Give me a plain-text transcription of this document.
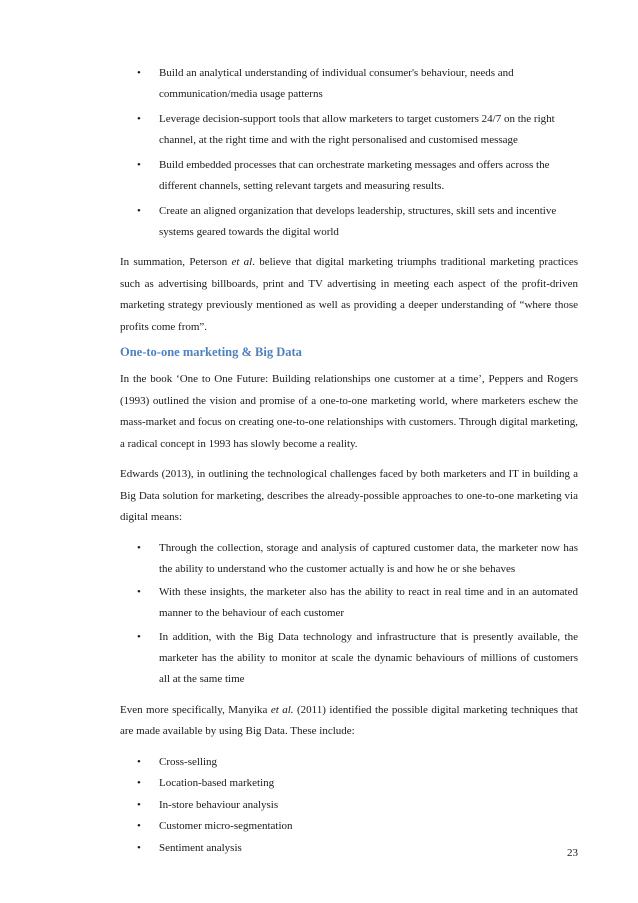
• Build an analytical understanding of individual consumer's behaviour, needs and communication/media usage patterns
• Leverage decision-support tools that allow marketers to target customers 24/7 on the right channel, at the right time and with the right personalised and customised message
• Build embedded processes that can orchestrate marketing messages and offers across the different channels, setting relevant targets and measuring results.
• Create an aligned organization that develops leadership, structures, skill sets and incentive systems geared towards the digital world

In summation, Peterson et al. believe that digital marketing triumphs traditional marketing practices such as advertising billboards, print and TV advertising in meeting each aspect of the profit-driven marketing strategy previously mentioned as well as providing a deeper understanding of “where those profits come from”.

One-to-one marketing & Big Data

In the book ‘One to One Future: Building relationships one customer at a time’, Peppers and Rogers (1993) outlined the vision and promise of a one-to-one marketing world, where marketers eschew the mass-market and focus on creating one-to-one relationships with customers. Through digital marketing, a radical concept in 1993 has slowly become a reality.

Edwards (2013), in outlining the technological challenges faced by both marketers and IT in building a Big Data solution for marketing, describes the already-possible approaches to one-to-one marketing via digital means:

• Through the collection, storage and analysis of captured customer data, the marketer now has the ability to understand who the customer actually is and how he or she behaves
• With these insights, the marketer also has the ability to react in real time and in an automated manner to the behaviour of each customer
• In addition, with the Big Data technology and infrastructure that is presently available, the marketer has the ability to monitor at scale the dynamic behaviours of millions of customers all at the same time

Even more specifically, Manyika et al. (2011) identified the possible digital marketing techniques that are made available by using Big Data. These include:

• Cross-selling
• Location-based marketing
• In-store behaviour analysis
• Customer micro-segmentation
• Sentiment analysis	23
